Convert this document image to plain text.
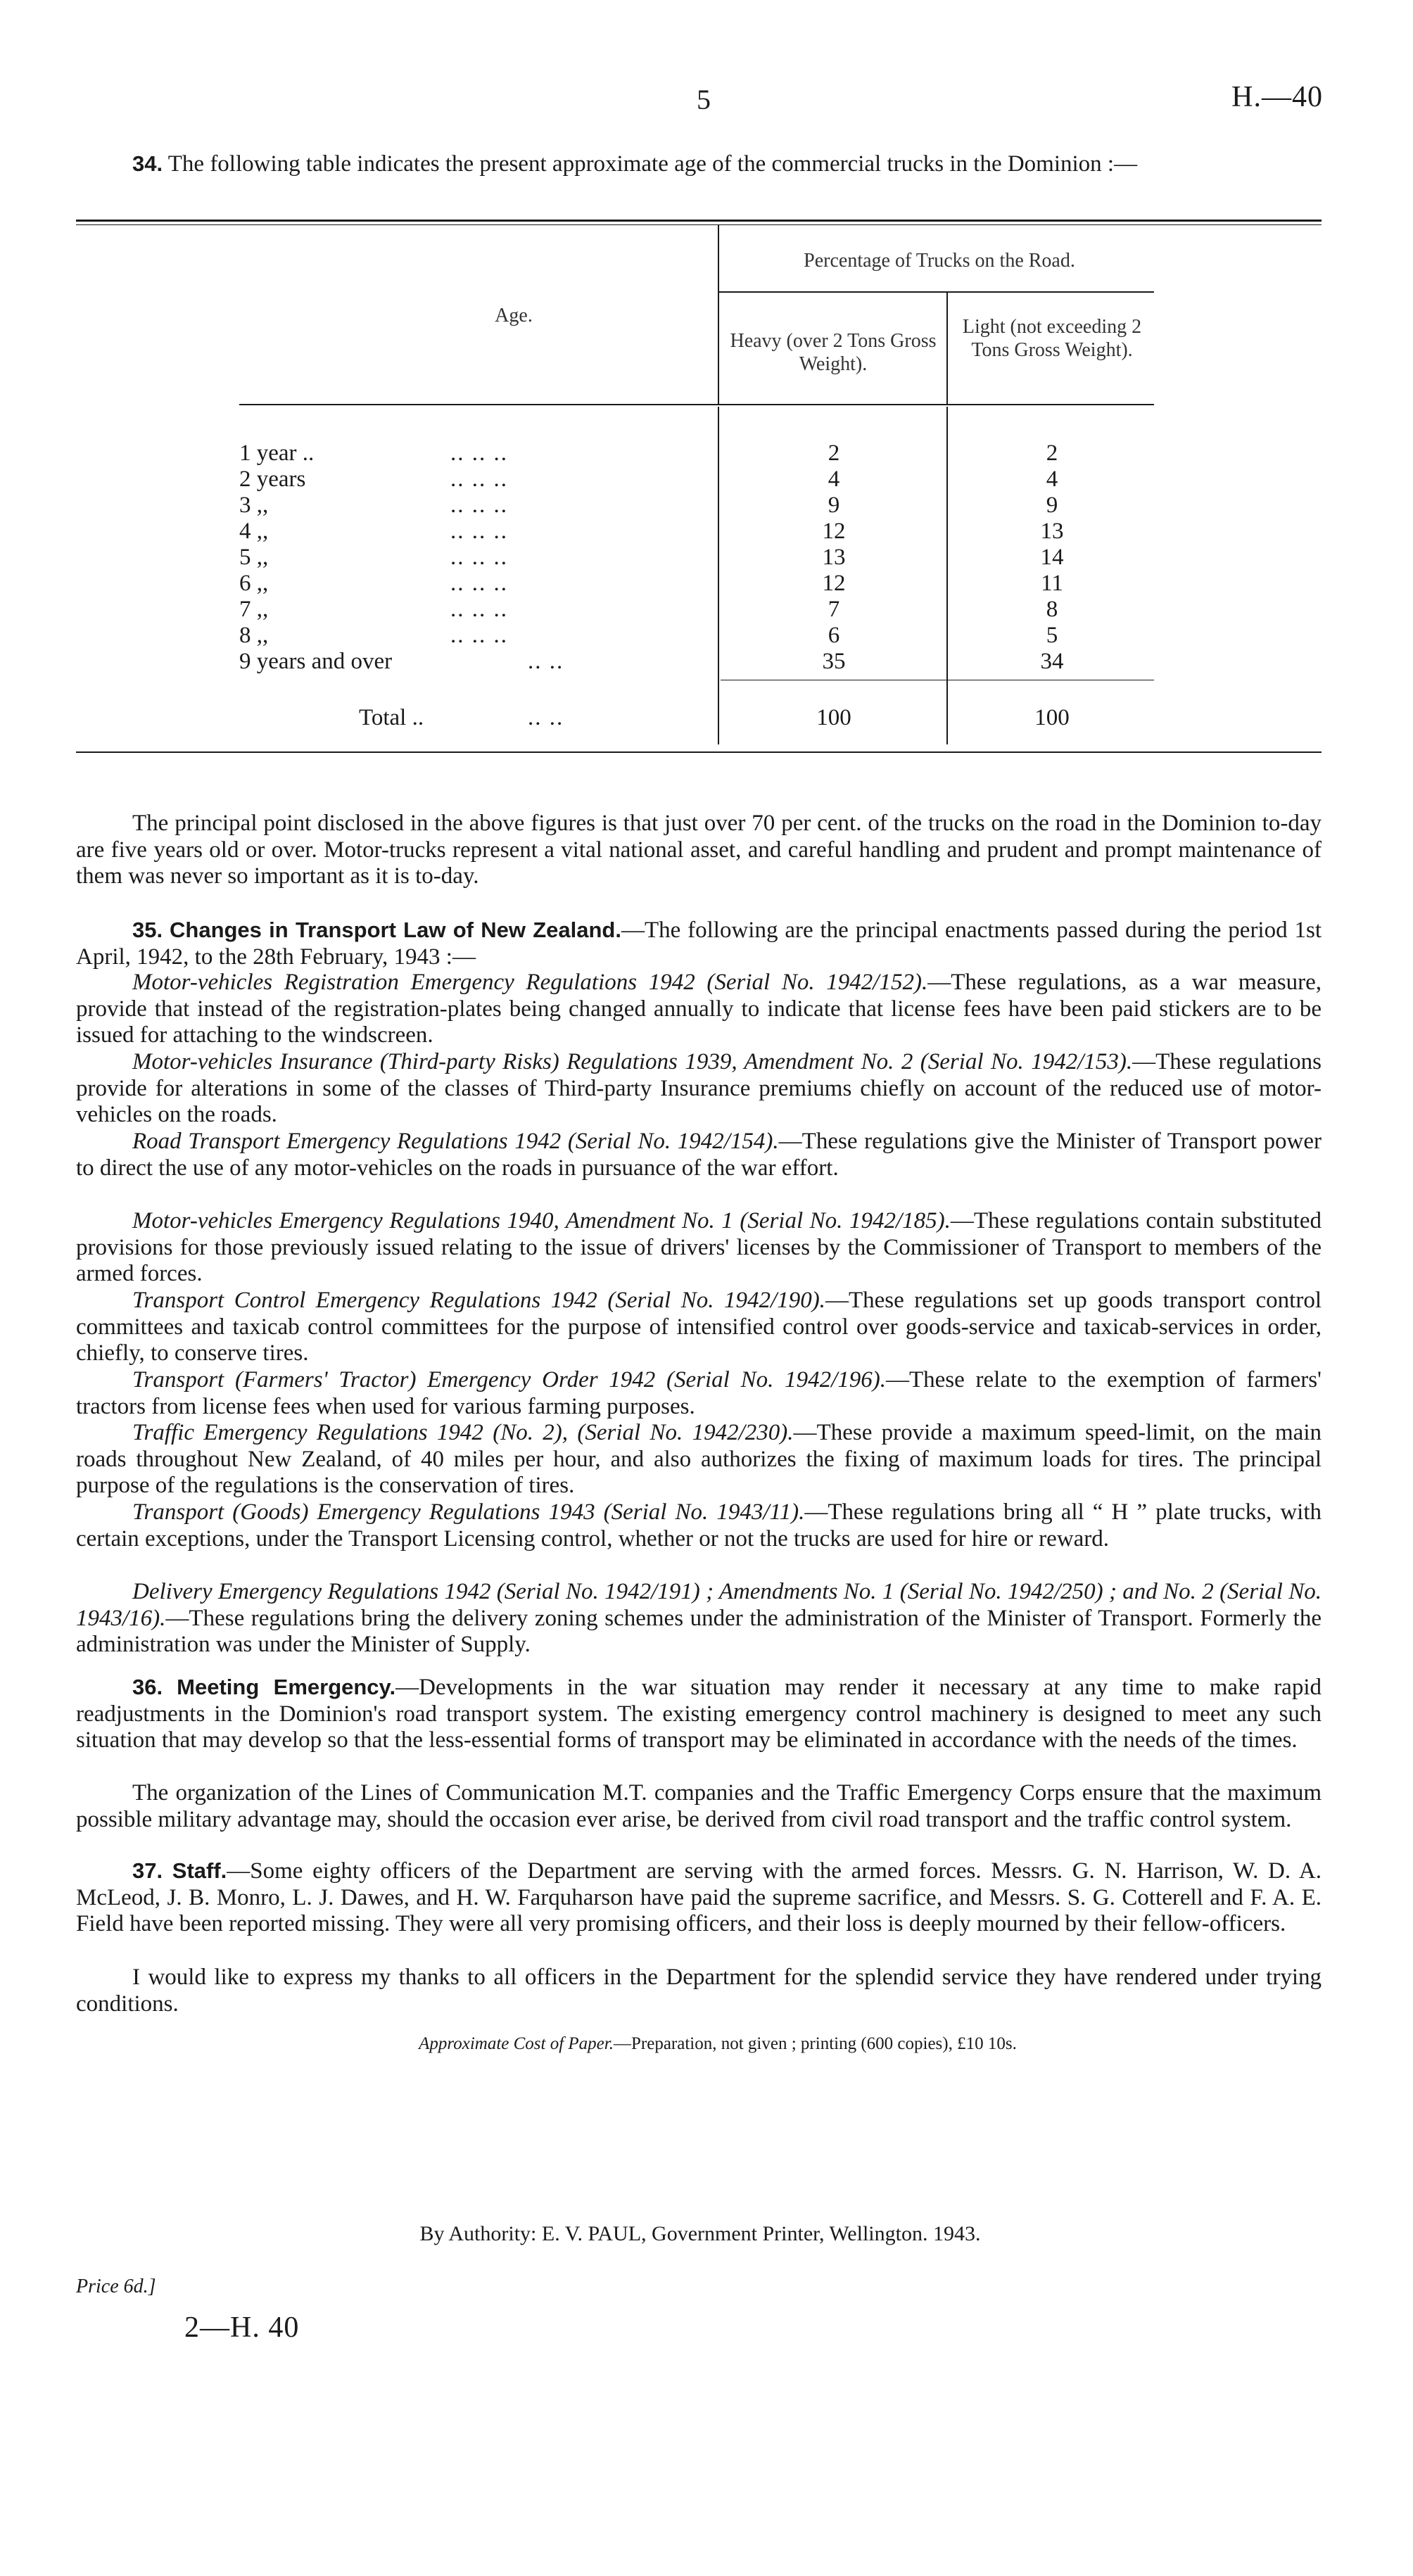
5	H.—40

34. The following table indicates the present approximate age of the commercial trucks in the Dominion :—

Percentage of Trucks on the Road.
Age.
Heavy (over 2 Tons Gross Weight).
Light (not exceeding 2 Tons Gross Weight).
1 year ..	.. .. ..	2	2
2 years	.. .. ..	4	4
3 ,,	.. .. ..	9	9
4 ,,	.. .. ..	12	13
5 ,,	.. .. ..	13	14
6 ,,	.. .. ..	12	11
7 ,,	.. .. ..	7	8
8 ,,	.. .. ..	6	5
9 years and over	.. ..	35	34
Total ..	.. ..	100	100

The principal point disclosed in the above figures is that just over 70 per cent. of the trucks on the road in the Dominion to-day are five years old or over. Motor-trucks represent a vital national asset, and careful handling and prudent and prompt maintenance of them was never so important as it is to-day.

35. Changes in Transport Law of New Zealand.—The following are the principal enactments passed during the period 1st April, 1942, to the 28th February, 1943 :—

Motor-vehicles Registration Emergency Regulations 1942 (Serial No. 1942/152).—These regulations, as a war measure, provide that instead of the registration-plates being changed annually to indicate that license fees have been paid stickers are to be issued for attaching to the windscreen.

Motor-vehicles Insurance (Third-party Risks) Regulations 1939, Amendment No. 2 (Serial No. 1942/153).—These regulations provide for alterations in some of the classes of Third-party Insurance premiums chiefly on account of the reduced use of motor-vehicles on the roads.

Road Transport Emergency Regulations 1942 (Serial No. 1942/154).—These regulations give the Minister of Transport power to direct the use of any motor-vehicles on the roads in pursuance of the war effort.

Motor-vehicles Emergency Regulations 1940, Amendment No. 1 (Serial No. 1942/185).—These regulations contain substituted provisions for those previously issued relating to the issue of drivers' licenses by the Commissioner of Transport to members of the armed forces.

Transport Control Emergency Regulations 1942 (Serial No. 1942/190).—These regulations set up goods transport control committees and taxicab control committees for the purpose of intensified control over goods-service and taxicab-services in order, chiefly, to conserve tires.

Transport (Farmers' Tractor) Emergency Order 1942 (Serial No. 1942/196).—These relate to the exemption of farmers' tractors from license fees when used for various farming purposes.

Traffic Emergency Regulations 1942 (No. 2), (Serial No. 1942/230).—These provide a maximum speed-limit, on the main roads throughout New Zealand, of 40 miles per hour, and also authorizes the fixing of maximum loads for tires. The principal purpose of the regulations is the conservation of tires.

Transport (Goods) Emergency Regulations 1943 (Serial No. 1943/11).—These regulations bring all “ H ” plate trucks, with certain exceptions, under the Transport Licensing control, whether or not the trucks are used for hire or reward.

Delivery Emergency Regulations 1942 (Serial No. 1942/191) ; Amendments No. 1 (Serial No. 1942/250) ; and No. 2 (Serial No. 1943/16).—These regulations bring the delivery zoning schemes under the administration of the Minister of Transport. Formerly the administration was under the Minister of Supply.

36. Meeting Emergency.—Developments in the war situation may render it necessary at any time to make rapid readjustments in the Dominion's road transport system. The existing emergency control machinery is designed to meet any such situation that may develop so that the less-essential forms of transport may be eliminated in accordance with the needs of the times.

The organization of the Lines of Communication M.T. companies and the Traffic Emergency Corps ensure that the maximum possible military advantage may, should the occasion ever arise, be derived from civil road transport and the traffic control system.

37. Staff.—Some eighty officers of the Department are serving with the armed forces. Messrs. G. N. Harrison, W. D. A. McLeod, J. B. Monro, L. J. Dawes, and H. W. Farquharson have paid the supreme sacrifice, and Messrs. S. G. Cotterell and F. A. E. Field have been reported missing. They were all very promising officers, and their loss is deeply mourned by their fellow-officers.

I would like to express my thanks to all officers in the Department for the splendid service they have rendered under trying conditions.

Approximate Cost of Paper.—Preparation, not given ; printing (600 copies), £10 10s.
By Authority: E. V. PAUL, Government Printer, Wellington. 1943.
Price 6d.]
2—H. 40
